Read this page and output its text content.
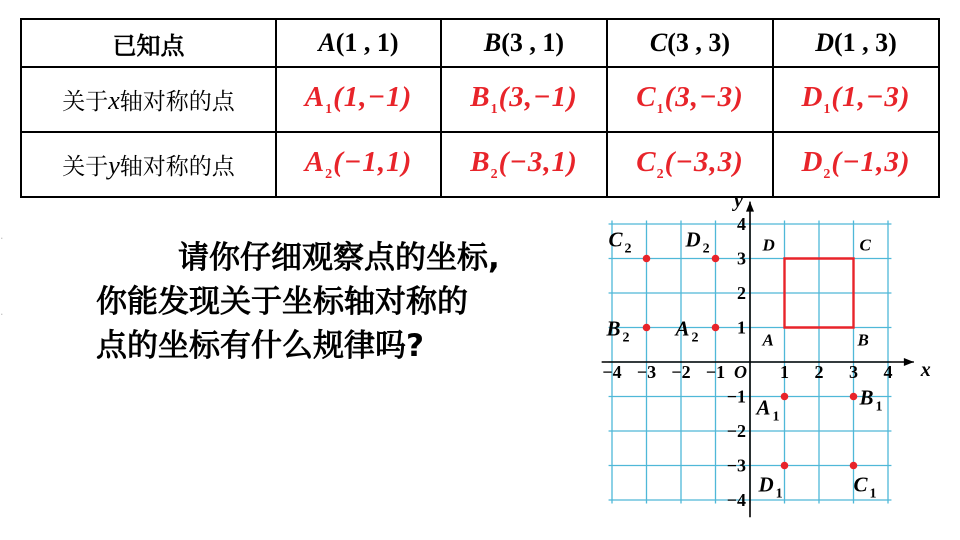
·
·
已知点	A(1 , 1)	B(3 , 1)	C(3 , 3)	D(1 , 3)
关于x轴对称的点	$A_1(1,-1)$	$B_1(3,-1)$	$C_1(3,-3)$	$D_1(1,-3)$
关于y轴对称的点	$A_2(-1,1)$	$B_2(-3,1)$	$C_2(-3,3)$	$D_2(-1,3)$
请你仔细观察点的坐标,
你能发现关于坐标轴对称的
点的坐标有什么规律吗?
x
y
O
−4 −3 −2 −1	1 2 3 4
4
3
2
1
−1
−2
−3
−4
A	B
C
D
A $_1$
B $_1$
C $_1$
D $_1$
A $_2$
B $_2$
C $_2$	D $_2$
